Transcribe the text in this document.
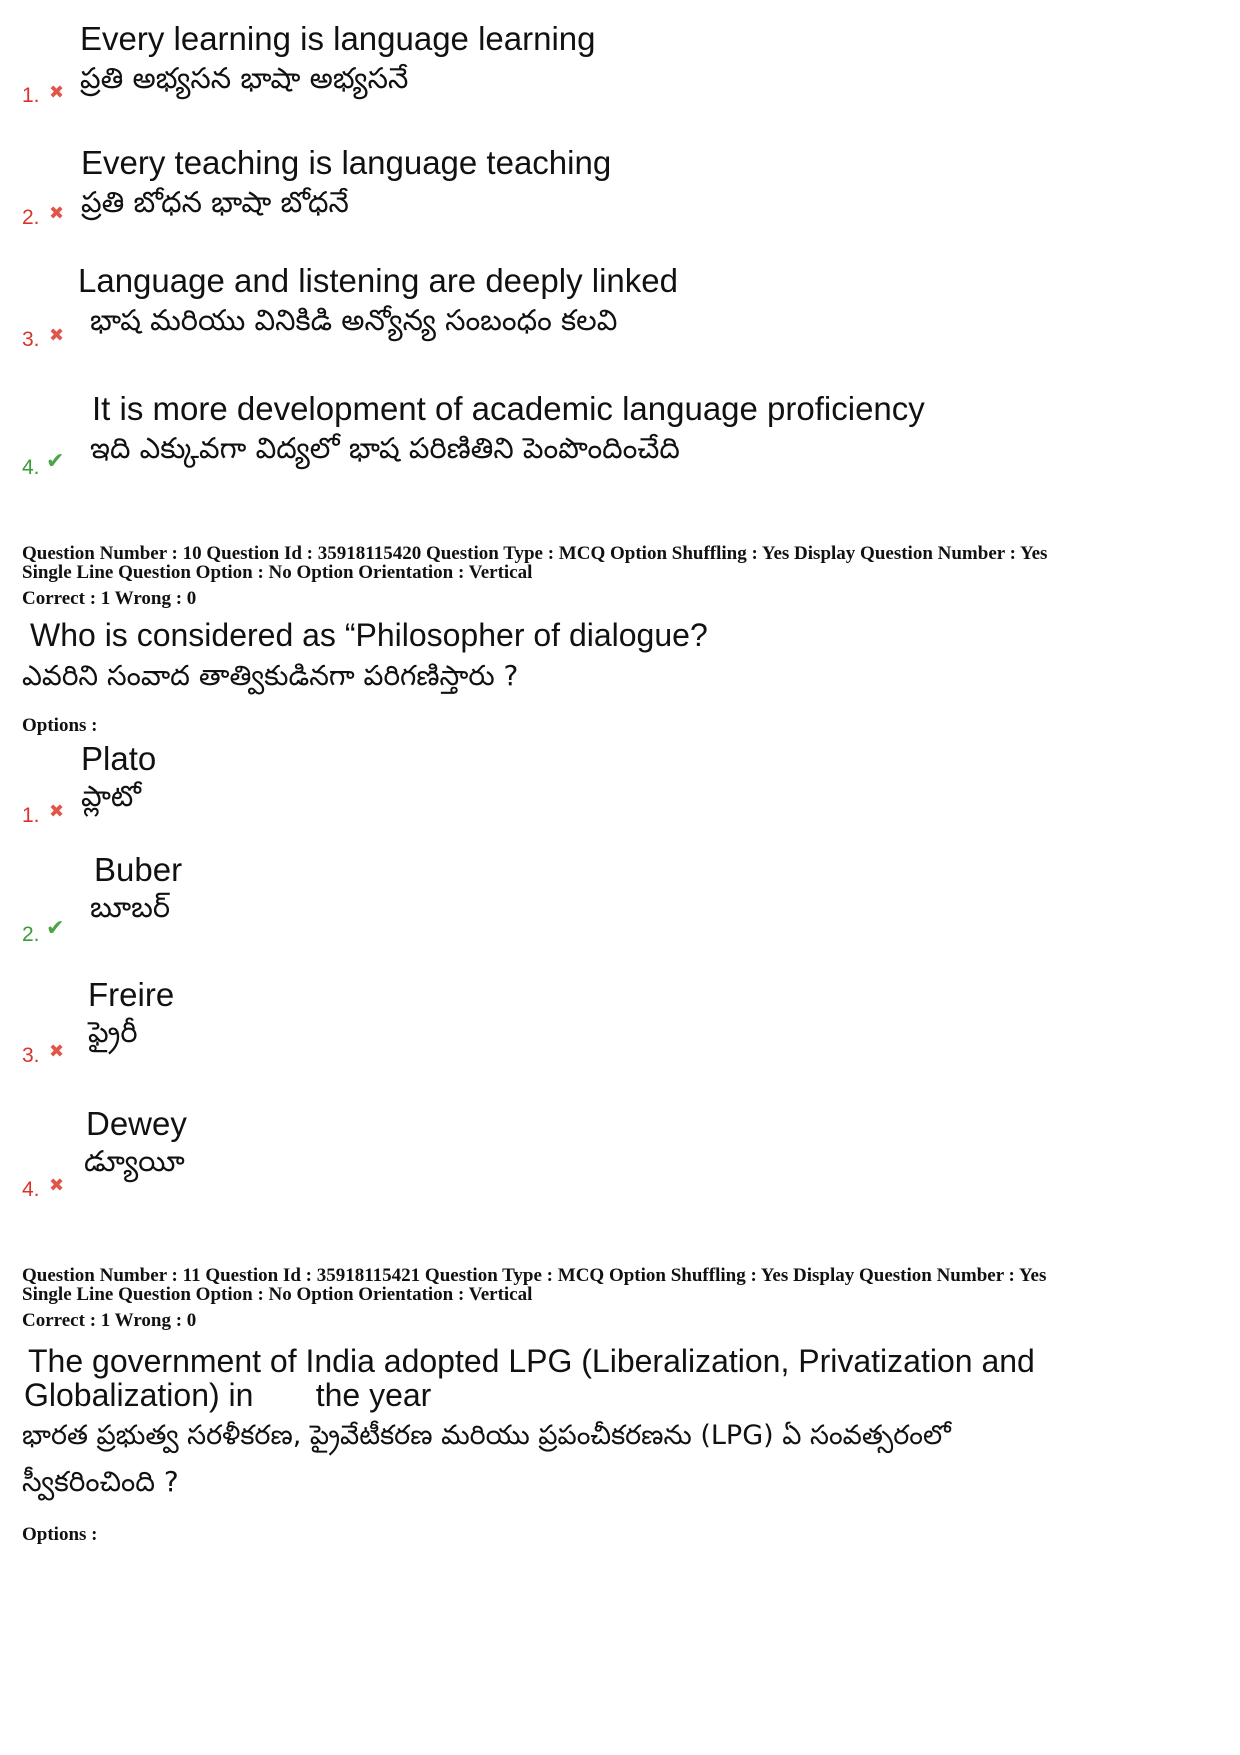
Every learning is language learning
ప్రతి అభ్యసన భాషా అభ్యసనే
1. ✖
Every teaching is language teaching
ప్రతి బోధన భాషా బోధనే
2. ✖
Language and listening are deeply linked
భాష మరియు వినికిడి అన్యోన్య సంబంధం కలవి
3. ✖
It is more development of academic language proficiency
ఇది ఎక్కువగా విద్యలో భాష పరిణితిని పెంపొందించేది
4. ✔
Question Number : 10 Question Id : 35918115420 Question Type : MCQ Option Shuffling : Yes Display Question Number : Yes
Single Line Question Option : No Option Orientation : Vertical
Correct : 1 Wrong : 0
Who is considered as “Philosopher of dialogue?
ఎవరిని సంవాద తాత్వికుడినగా పరిగణిస్తారు ?
Options :
Plato
ప్లాటో
1. ✖
Buber
బూబర్
2. ✔
Freire
ఫ్రైరీ
3. ✖
Dewey
డ్యూయీ
4. ✖
Question Number : 11 Question Id : 35918115421 Question Type : MCQ Option Shuffling : Yes Display Question Number : Yes
Single Line Question Option : No Option Orientation : Vertical
Correct : 1 Wrong : 0
The government of India adopted LPG (Liberalization, Privatization and
Globalization) in       the year
భారత ప్రభుత్వ సరళీకరణ, ప్రైవేటీకరణ మరియు ప్రపంచీకరణను (LPG) ఏ సంవత్సరంలో
స్వీకరించింది ?
Options :
